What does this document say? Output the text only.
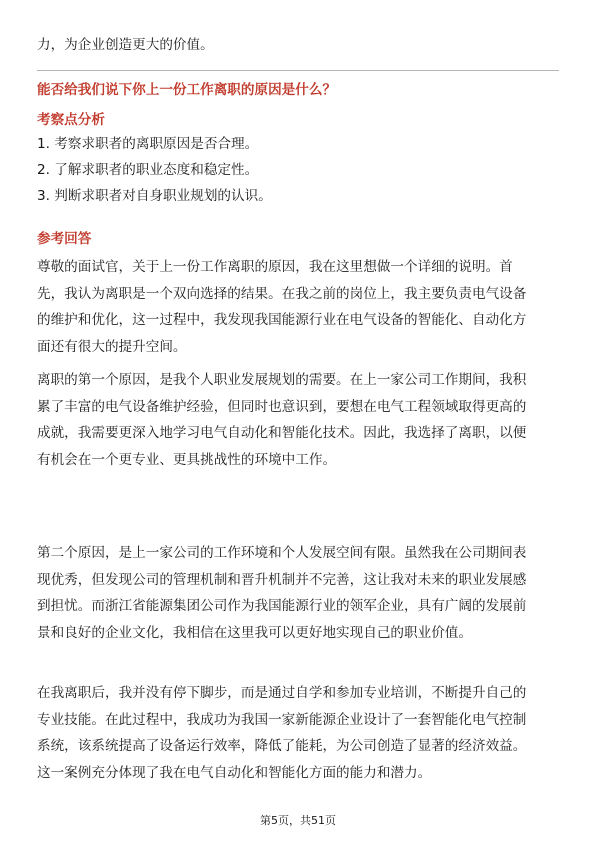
力，为企业创造更大的价值。
能否给我们说下你上一份工作离职的原因是什么？
考察点分析
1. 考察求职者的离职原因是否合理。
2. 了解求职者的职业态度和稳定性。
3. 判断求职者对自身职业规划的认识。
参考回答
尊敬的面试官，关于上一份工作离职的原因，我在这里想做一个详细的说明。首
先，我认为离职是一个双向选择的结果。在我之前的岗位上，我主要负责电气设备
的维护和优化，这一过程中，我发现我国能源行业在电气设备的智能化、自动化方
面还有很大的提升空间。
离职的第一个原因，是我个人职业发展规划的需要。在上一家公司工作期间，我积
累了丰富的电气设备维护经验，但同时也意识到，要想在电气工程领域取得更高的
成就，我需要更深入地学习电气自动化和智能化技术。因此，我选择了离职，以便
有机会在一个更专业、更具挑战性的环境中工作。
第二个原因，是上一家公司的工作环境和个人发展空间有限。虽然我在公司期间表
现优秀，但发现公司的管理机制和晋升机制并不完善，这让我对未来的职业发展感
到担忧。而浙江省能源集团公司作为我国能源行业的领军企业，具有广阔的发展前
景和良好的企业文化，我相信在这里我可以更好地实现自己的职业价值。
在我离职后，我并没有停下脚步，而是通过自学和参加专业培训，不断提升自己的
专业技能。在此过程中，我成功为我国一家新能源企业设计了一套智能化电气控制
系统，该系统提高了设备运行效率，降低了能耗，为公司创造了显著的经济效益。
这一案例充分体现了我在电气自动化和智能化方面的能力和潜力。
第5页，共51页
